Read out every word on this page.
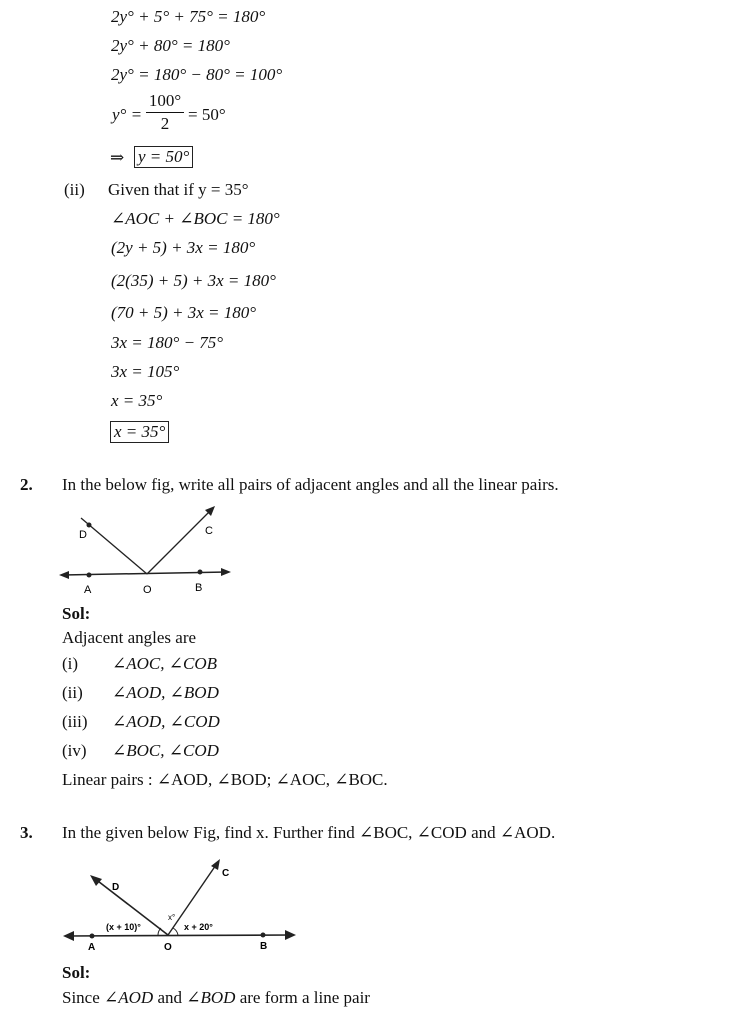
2y° + 5° + 75° = 180°
2y° + 80° = 180°
2y° = 180° − 80° = 100°
y° =
100°
2	= 50°
⇒ y = 50°
(ii) Given that if y = 35°
∠AOC + ∠BOC = 180°
(2y + 5) + 3x = 180°
(2(35) + 5) + 3x = 180°
(70 + 5) + 3x = 180°
3x = 180° − 75°
3x = 105°
x = 35°
x = 35°
2. In the below fig, write all pairs of adjacent angles and all the linear pairs.
D	C
A	O	B
Sol:
Adjacent angles are
(i) ∠AOC, ∠COB
(ii) ∠AOD, ∠BOD
(iii) ∠AOD, ∠COD
(iv) ∠BOC, ∠COD
Linear pairs : ∠AOD, ∠BOD; ∠AOC, ∠BOC.
3. In the given below Fig, find x. Further find ∠BOC, ∠COD and ∠AOD.
D
C
A	O	B
(x + 10)°
x°
x + 20°
Sol:
Since ∠AOD and ∠BOD are form a line pair
